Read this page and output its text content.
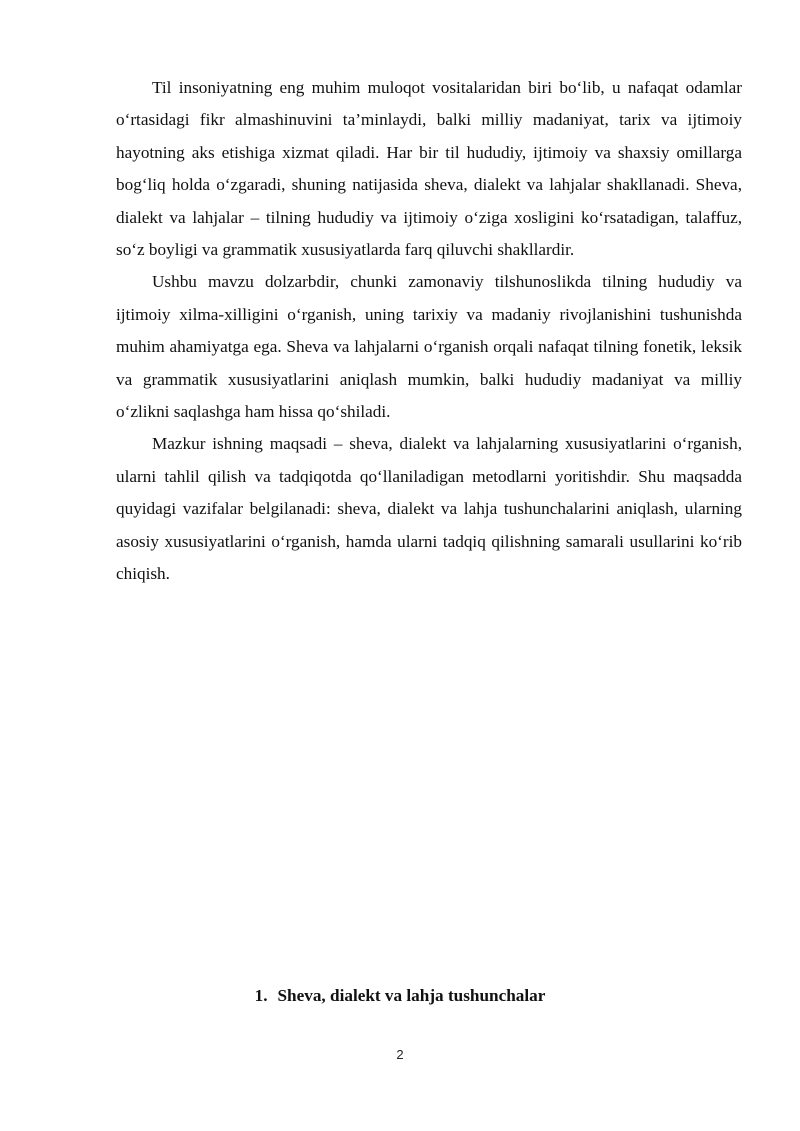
Til insoniyatning eng muhim muloqot vositalaridan biri bo‘lib, u nafaqat odamlar o‘rtasidagi fikr almashinuvini ta’minlaydi, balki milliy madaniyat, tarix va ijtimoiy hayotning aks etishiga xizmat qiladi. Har bir til hududiy, ijtimoiy va shaxsiy omillarga bog‘liq holda o‘zgaradi, shuning natijasida sheva, dialekt va lahjalar shakllanadi. Sheva, dialekt va lahjalar – tilning hududiy va ijtimoiy o‘ziga xosligini ko‘rsatadigan, talaffuz, so‘z boyligi va grammatik xususiyatlarda farq qiluvchi shakllardir.

Ushbu mavzu dolzarbdir, chunki zamonaviy tilshunoslikda tilning hududiy va ijtimoiy xilma-xilligini o‘rganish, uning tarixiy va madaniy rivojlanishini tushunishda muhim ahamiyatga ega. Sheva va lahjalarni o‘rganish orqali nafaqat tilning fonetik, leksik va grammatik xususiyatlarini aniqlash mumkin, balki hududiy madaniyat va milliy o‘zlikni saqlashga ham hissa qo‘shiladi.

Mazkur ishning maqsadi – sheva, dialekt va lahjalarning xususiyatlarini o‘rganish, ularni tahlil qilish va tadqiqotda qo‘llaniladigan metodlarni yoritishdir. Shu maqsadda quyidagi vazifalar belgilanadi: sheva, dialekt va lahja tushunchalarini aniqlash, ularning asosiy xususiyatlarini o‘rganish, hamda ularni tadqiq qilishning samarali usullarini ko‘rib chiqish.

1. Sheva, dialekt va lahja tushunchalar
2
